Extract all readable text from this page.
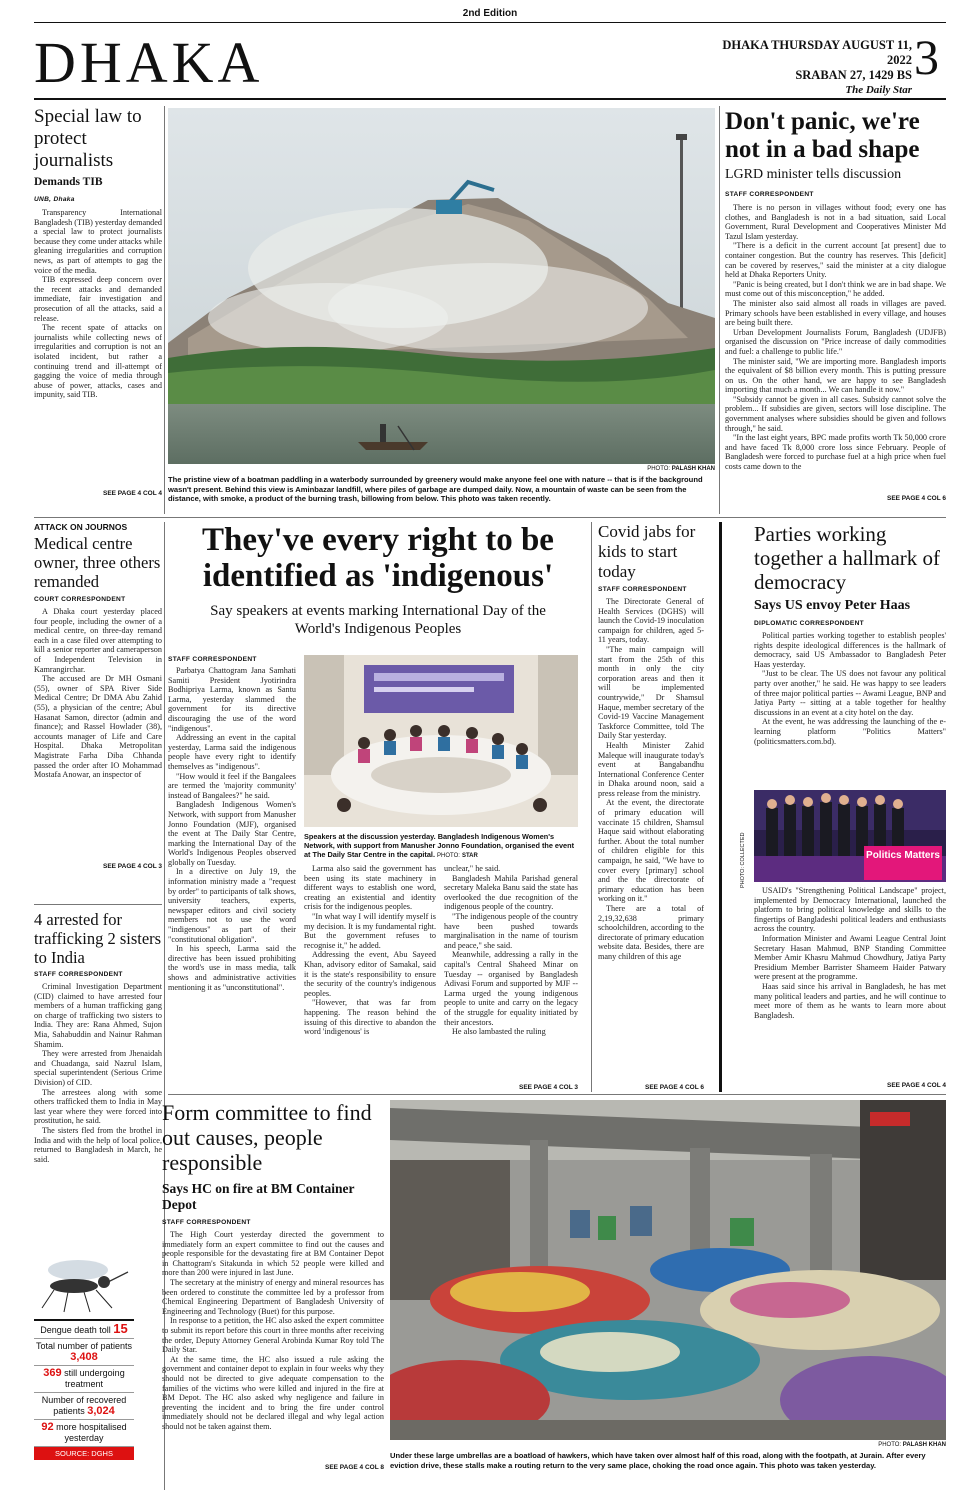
2nd Edition
DHAKA	DHAKA THURSDAY AUGUST 11, 2022
SRABAN 27, 1429 BS
The Daily Star
3
Special law to protect journalists
Demands TIB
UNB, Dhaka

Transparency International Bangladesh (TIB) yesterday demanded a special law to protect journalists because they come under attacks while gleaning irregularities and corruption news, as part of attempts to gag the voice of the media.

TIB expressed deep concern over the recent attacks and demanded immediate, fair investigation and prosecution of all the attacks, said a release.

The recent spate of attacks on journalists while collecting news of irregularities and corruption is not an isolated incident, but rather a continuing trend and ill-attempt of gagging the voice of media through abuse of power, attacks, cases and impunity, said TIB.

SEE PAGE 4 COL 4
PHOTO: PALASH KHAN
The pristine view of a boatman paddling in a waterbody surrounded by greenery would make anyone feel one with nature -- that is if the background wasn't present. Behind this view is Aminbazar landfill, where piles of garbage are dumped daily. Now, a mountain of waste can be seen from the distance, with smoke, a product of the burning trash, billowing from below. This photo was taken recently.
Don't panic, we're not in a bad shape
LGRD minister tells discussion
STAFF CORRESPONDENT

There is no person in villages without food; every one has clothes, and Bangladesh is not in a bad situation, said Local Government, Rural Development and Cooperatives Minister Md Tazul Islam yesterday.

"There is a deficit in the current account [at present] due to container congestion. But the country has reserves. This [deficit] can be covered by reserves," said the minister at a city dialogue held at Dhaka Reporters Unity.

"Panic is being created, but I don't think we are in bad shape. We must come out of this misconception," he added.

The minister also said almost all roads in villages are paved. Primary schools have been established in every village, and houses are being built there.

Urban Development Journalists Forum, Bangladesh (UDJFB) organised the discussion on "Price increase of daily commodities and fuel: a challenge to public life."

The minister said, "We are importing more. Bangladesh imports the equivalent of $8 billion every month. This is putting pressure on us. On the other hand, we are happy to see Bangladesh importing that much a month... We can handle it now."

"Subsidy cannot be given in all cases. Subsidy cannot solve the problem... If subsidies are given, sectors will lose discipline. The government analyses where subsidies should be given and follows through," he said.

"In the last eight years, BPC made profits worth Tk 50,000 crore and have faced Tk 8,000 crore loss since February. People of Bangladesh were forced to purchase fuel at a high price when fuel costs came down to the

SEE PAGE 4 COL 6
ATTACK ON JOURNOS
Medical centre owner, three others remanded
COURT CORRESPONDENT

A Dhaka court yesterday placed four people, including the owner of a medical centre, on three-day remand each in a case filed over attempting to kill a senior reporter and cameraperson of Independent Television in Kamrangirchar.

The accused are Dr MH Osmani (55), owner of SPA River Side Medical Centre; Dr DMA Abu Zahid (55), a physician of the centre; Abul Hasanat Samon, director (admin and finance); and Rassel Howlader (38), accounts manager of Life and Care Hospital. Dhaka Metropolitan Magistrate Farha Diba Chhanda passed the order after IO Mohammad Mostafa Anowar, an inspector of

SEE PAGE 4 COL 3
4 arrested for trafficking 2 sisters to India
STAFF CORRESPONDENT

Criminal Investigation Department (CID) claimed to have arrested four members of a human trafficking gang on charge of trafficking two sisters to India. They are: Rana Ahmed, Sujon Mia, Sahabuddin and Nainur Rahman Shamim.

They were arrested from Jhenaidah and Chuadanga, said Nazrul Islam, special superintendent (Serious Crime Division) of CID.

The arrestees along with some others trafficked them to India in May last year where they were forced into prostitution, he said.

The sisters fled from the brothel in India and with the help of local police, returned to Bangladesh in March, he said.

Dengue death toll 15
Total number of patients 3,408
369 still undergoing treatment
Number of recovered patients 3,024
92 more hospitalised yesterday
SOURCE: DGHS
They've every right to be identified as 'indigenous'
Say speakers at events marking International Day of the World's Indigenous Peoples
STAFF CORRESPONDENT

Parbatya Chattogram Jana Samhati Samiti President Jyotirindra Bodhipriya Larma, known as Santu Larma, yesterday slammed the government for its directive discouraging the use of the word "indigenous".

Addressing an event in the capital yesterday, Larma said the indigenous people have every right to identify themselves as "indigenous".

"How would it feel if the Bangalees are termed the 'majority community' instead of Bangalees?" he said.

Bangladesh Indigenous Women's Network, with support from Manusher Jonno Foundation (MJF), organised the event at The Daily Star Centre, marking the International Day of the World's Indigenous Peoples observed globally on Tuesday.

In a directive on July 19, the information ministry made a "request by order" to participants of talk shows, university teachers, experts, newspaper editors and civil society members not to use the word "indigenous" as part of their "constitutional obligation".

In his speech, Larma said the directive has been issued prohibiting the word's use in mass media, talk shows and administrative activities mentioning it as "unconstitutional".

Speakers at the discussion yesterday. Bangladesh Indigenous Women's Network, with support from Manusher Jonno Foundation, organised the event at The Daily Star Centre in the capital. PHOTO: STAR

Larma also said the government has been using its state machinery in different ways to establish one word, creating an existential and identity crisis for the indigenous peoples.

"In what way I will identify myself is my decision. It is my fundamental right. But the government refuses to recognise it," he added.

Addressing the event, Abu Sayeed Khan, advisory editor of Samakal, said it is the state's responsibility to ensure the security of the country's indigenous peoples.

"However, that was far from happening. The reason behind the issuing of this directive to abandon the word 'indigenous' is

unclear," he said.

Bangladesh Mahila Parishad general secretary Maleka Banu said the state has overlooked the due recognition of the indigenous people of the country.

"The indigenous people of the country have been pushed towards marginalisation in the name of tourism and peace," she said.

Meanwhile, addressing a rally in the capital's Central Shaheed Minar on Tuesday -- organised by Bangladesh Adivasi Forum and supported by MJF -- Larma urged the young indigenous people to unite and carry on the legacy of the struggle for equality initiated by their ancestors.

He also lambasted the ruling

SEE PAGE 4 COL 3
Covid jabs for kids to start today
STAFF CORRESPONDENT

The Directorate General of Health Services (DGHS) will launch the Covid-19 inoculation campaign for children, aged 5-11 years, today.

"The main campaign will start from the 25th of this month in only the city corporation areas and then it will be implemented countrywide," Dr Shamsul Haque, member secretary of the Covid-19 Vaccine Management Taskforce Committee, told The Daily Star yesterday.

Health Minister Zahid Maleque will inaugurate today's event at Bangabandhu International Conference Center in Dhaka around noon, said a press release from the ministry.

At the event, the directorate of primary education will vaccinate 15 children, Shamsul Haque said without elaborating further. About the total number of children eligible for this campaign, he said, "We have to cover every [primary] school and the the directorate of primary education has been working on it."

There are a total of 2,19,32,638 primary schoolchildren, according to the directorate of primary education website data. Besides, there are many children of this age

SEE PAGE 4 COL 6
Parties working together a hallmark of democracy
Says US envoy Peter Haas
DIPLOMATIC CORRESPONDENT

Political parties working together to establish peoples' rights despite ideological differences is the hallmark of democracy, said US Ambassador to Bangladesh Peter Haas yesterday.

"Just to be clear. The US does not favour any political party over another," he said. He was happy to see leaders of three major political parties -- Awami League, BNP and Jatiya Party -- sitting at a table together for healthy discussions in an event at a city hotel on the day.

At the event, he was addressing the launching of the e-learning platform "Politics Matters" (politicsmatters.com.bd).

Politics Matters
PHOTO: COLLECTED

USAID's "Strengthening Political Landscape" project, implemented by Democracy International, launched the platform to bring political knowledge and skills to the fingertips of Bangladeshi political leaders and enthusiasts across the country.

Information Minister and Awami League Central Joint Secretary Hasan Mahmud, BNP Standing Committee Member Amir Khasru Mahmud Chowdhury, Jatiya Party Presidium Member Barrister Shameem Haider Patwary were present at the programme.

Haas said since his arrival in Bangladesh, he has met many political leaders and parties, and he will continue to meet more of them as he wants to learn more about Bangladesh.

SEE PAGE 4 COL 4
Form committee to find out causes, people responsible
Says HC on fire at BM Container Depot
STAFF CORRESPONDENT

The High Court yesterday directed the government to immediately form an expert committee to find out the causes and people responsible for the devastating fire at BM Container Depot in Chattogram's Sitakunda in which 52 people were killed and more than 200 were injured in last June.

The secretary at the ministry of energy and mineral resources has been ordered to constitute the committee led by a professor from Chemical Engineering Department of Bangladesh University of Engineering and Technology (Buet) for this purpose.

In response to a petition, the HC also asked the expert committee to submit its report before this court in three months after receiving the order, Deputy Attorney General Arobinda Kumar Roy told The Daily Star.

At the same time, the HC also issued a rule asking the government and container depot to explain in four weeks why they should not be directed to give adequate compensation to the families of the victims who were killed and injured in the fire at BM Depot. The HC also asked why negligence and failure in preventing the incident and to bring the fire under control immediately should not be declared illegal and why legal action should not be taken against them.

SEE PAGE 4 COL 8
PHOTO: PALASH KHAN
Under these large umbrellas are a boatload of hawkers, which have taken over almost half of this road, along with the footpath, at Jurain. After every eviction drive, these stalls make a routing return to the very same place, choking the road once again. This photo was taken yesterday.
